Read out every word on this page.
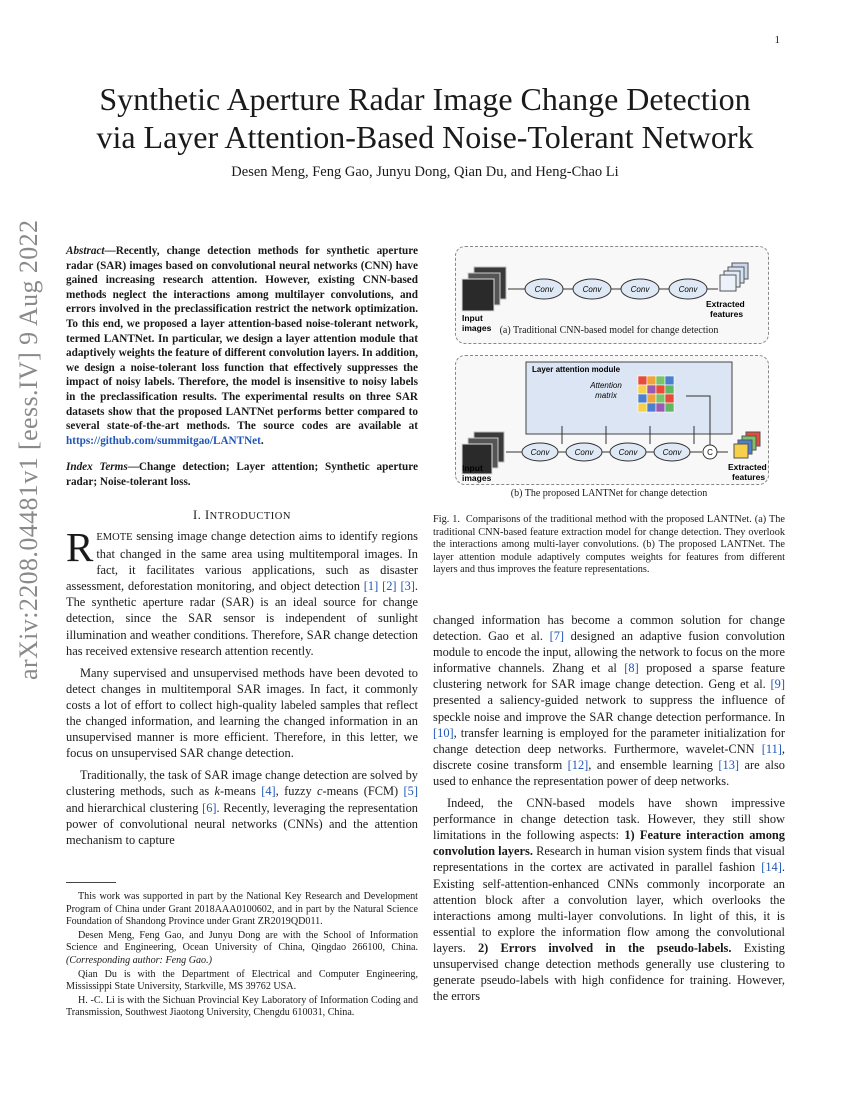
1
arXiv:2208.04481v1 [eess.IV] 9 Aug 2022
Synthetic Aperture Radar Image Change Detection
via Layer Attention-Based Noise-Tolerant Network
Desen Meng, Feng Gao, Junyu Dong, Qian Du, and Heng-Chao Li
Abstract—Recently, change detection methods for synthetic aperture radar (SAR) images based on convolutional neural networks (CNN) have gained increasing research attention. However, existing CNN-based methods neglect the interactions among multilayer convolutions, and errors involved in the preclassification restrict the network optimization. To this end, we proposed a layer attention-based noise-tolerant network, termed LANTNet. In particular, we design a layer attention module that adaptively weights the feature of different convolution layers. In addition, we design a noise-tolerant loss function that effectively suppresses the impact of noisy labels. Therefore, the model is insensitive to noisy labels in the preclassification results. The experimental results on three SAR datasets show that the proposed LANTNet performs better compared to several state-of-the-art methods. The source codes are available at https://github.com/summitgao/LANTNet.
Index Terms—Change detection; Layer attention; Synthetic aperture radar; Noise-tolerant loss.
I. INTRODUCTION

REMOTE sensing image change detection aims to identify regions that changed in the same area using multitemporal images. In fact, it facilitates various applications, such as disaster assessment, deforestation monitoring, and object detection [1] [2] [3]. The synthetic aperture radar (SAR) is an ideal source for change detection, since the SAR sensor is independent of sunlight illumination and weather conditions. Therefore, SAR change detection has received extensive research attention recently.

Many supervised and unsupervised methods have been devoted to detect changes in multitemporal SAR images. In fact, it commonly costs a lot of effort to collect high-quality labeled samples that reflect the changed information, and learning the changed information in an unsupervised manner is more efficient. Therefore, in this letter, we focus on unsupervised SAR change detection.

Traditionally, the task of SAR image change detection are solved by clustering methods, such as k-means [4], fuzzy c-means (FCM) [5] and hierarchical clustering [6]. Recently, leveraging the representation power of convolutional neural networks (CNNs) and the attention mechanism to capture

This work was supported in part by the National Key Research and Development Program of China under Grant 2018AAA0100602, and in part by the Natural Science Foundation of Shandong Province under Grant ZR2019QD011.
Desen Meng, Feng Gao, and Junyu Dong are with the School of Information Science and Engineering, Ocean University of China, Qingdao 266100, China. (Corresponding author: Feng Gao.)
Qian Du is with the Department of Electrical and Computer Engineering, Mississippi State University, Starkville, MS 39762 USA.
H. -C. Li is with the Sichuan Provincial Key Laboratory of Information Coding and Transmission, Southwest Jiaotong University, Chengdu 610031, China.
Conv	Conv	Conv	Conv
Input
images
Extracted
features
(a) Traditional CNN-based model for change detection
Layer attention module
Attention
matrix
Conv	Conv	Conv	Conv	C
Input
images
Extracted
features
(b) The proposed LANTNet for change detection
Fig. 1. Comparisons of the traditional method with the proposed LANTNet. (a) The traditional CNN-based feature extraction model for change detection. They overlook the interactions among multi-layer convolutions. (b) The proposed LANTNet. The layer attention module adaptively computes weights for features from different layers and thus improves the feature representations.

changed information has become a common solution for change detection. Gao et al. [7] designed an adaptive fusion convolution module to encode the input, allowing the network to focus on the more informative channels. Zhang et al [8] proposed a sparse feature clustering network for SAR image change detection. Geng et al. [9] presented a saliency-guided network to suppress the influence of speckle noise and improve the SAR change detection performance. In [10], transfer learning is employed for the parameter initialization for change detection deep networks. Furthermore, wavelet-CNN [11], discrete cosine transform [12], and ensemble learning [13] are also used to enhance the representation power of deep networks.

Indeed, the CNN-based models have shown impressive performance in change detection task. However, they still show limitations in the following aspects: 1) Feature interaction among convolution layers. Research in human vision system finds that visual representations in the cortex are activated in parallel fashion [14]. Existing self-attention-enhanced CNNs commonly incorporate an attention block after a convolution layer, which overlooks the interactions among multi-layer convolutions. In light of this, it is essential to explore the information flow among the convolutional layers. 2) Errors involved in the pseudo-labels. Existing unsupervised change detection methods generally use clustering to generate pseudo-labels with high confidence for training. However, the errors
